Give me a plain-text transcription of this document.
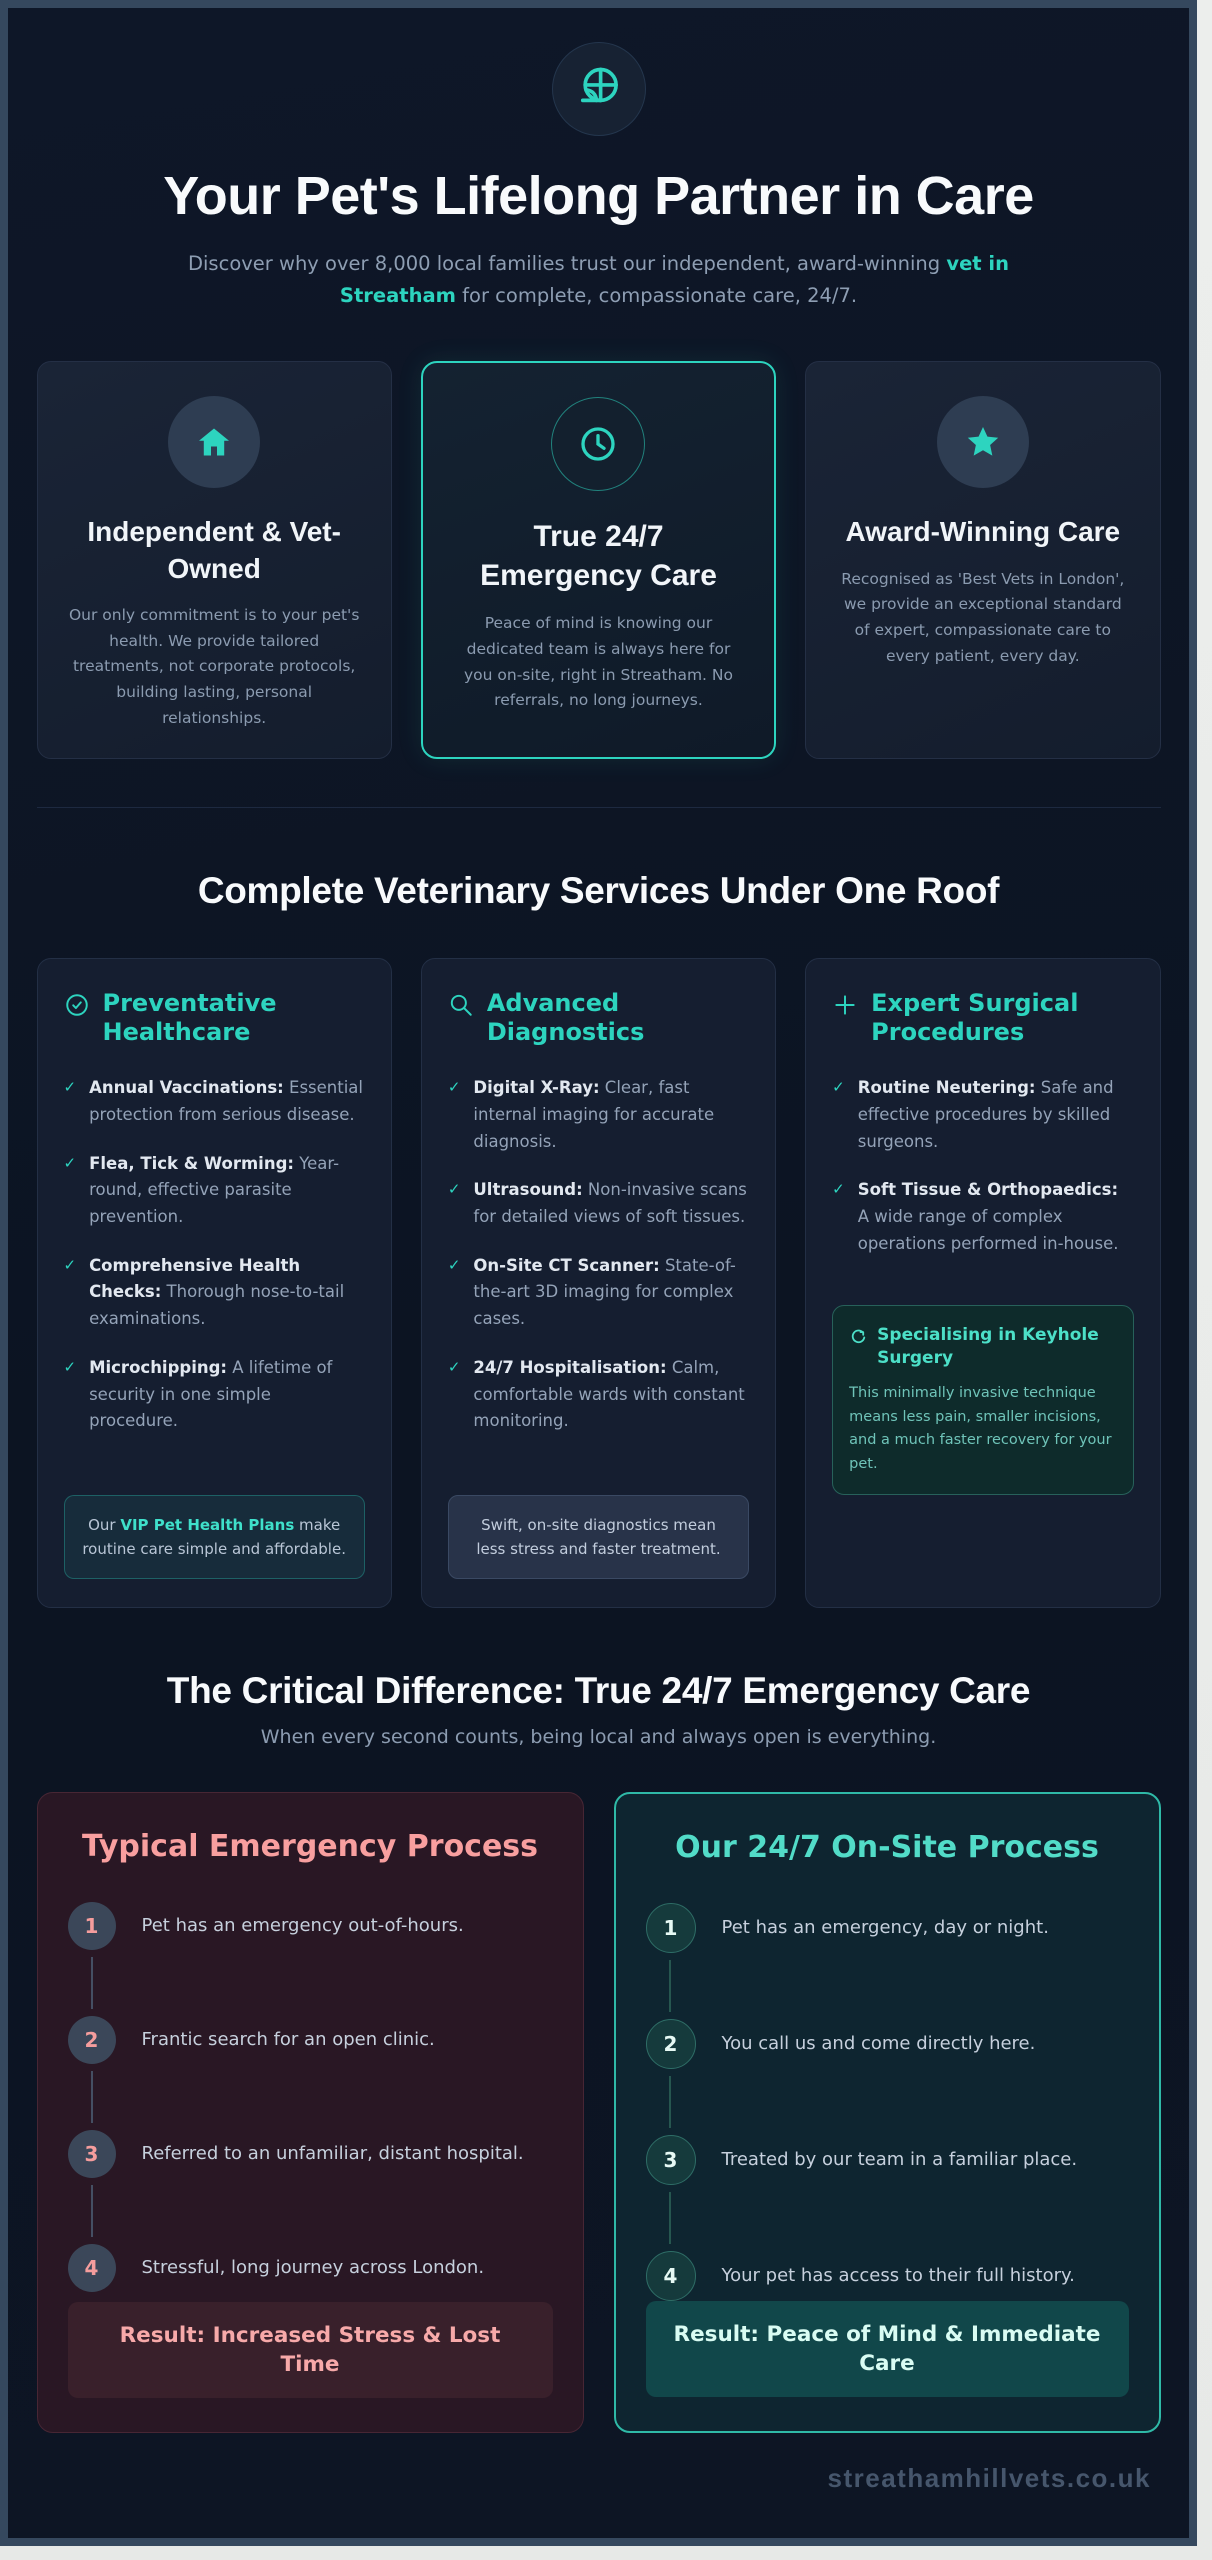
Your Pet's Lifelong Partner in Care

Discover why over 8,000 local families trust our independent, award-winning vet in Streatham for complete, compassionate care, 24/7.

Independent & Vet-Owned

Our only commitment is to your pet's health. We provide tailored treatments, not corporate protocols, building lasting, personal relationships.

True 24/7 Emergency Care

Peace of mind is knowing our dedicated team is always here for you on-site, right in Streatham. No referrals, no long journeys.

Award-Winning Care

Recognised as 'Best Vets in London', we provide an exceptional standard of expert, compassionate care to every patient, every day.

Complete Veterinary Services Under One Roof
Preventative Healthcare
✓ Annual Vaccinations: Essential protection from serious disease.

✓ Flea, Tick & Worming: Year-round, effective parasite prevention.

✓ Comprehensive Health Checks: Thorough nose-to-tail examinations.

✓ Microchipping: A lifetime of security in one simple procedure.

Our VIP Pet Health Plans make routine care simple and affordable.
Advanced Diagnostics
✓ Digital X-Ray: Clear, fast internal imaging for accurate diagnosis.

✓ Ultrasound: Non-invasive scans for detailed views of soft tissues.

✓ On-Site CT Scanner: State-of-the-art 3D imaging for complex cases.

✓ 24/7 Hospitalisation: Calm, comfortable wards with constant monitoring.

Swift, on-site diagnostics mean less stress and faster treatment.
Expert Surgical Procedures
✓ Routine Neutering: Safe and effective procedures by skilled surgeons.

✓ Soft Tissue & Orthopaedics: A wide range of complex operations performed in-house.

Specialising in Keyhole Surgery

This minimally invasive technique means less pain, smaller incisions, and a much faster recovery for your pet.

The Critical Difference: True 24/7 Emergency Care

When every second counts, being local and always open is everything.

Typical Emergency Process
1	Pet has an emergency out-of-hours.
2	Frantic search for an open clinic.
3	Referred to an unfamiliar, distant hospital.
4	Stressful, long journey across London.
Result: Increased Stress & Lost Time
Our 24/7 On-Site Process
1	Pet has an emergency, day or night.
2	You call us and come directly here.
3	Treated by our team in a familiar place.
4	Your pet has access to their full history.
Result: Peace of Mind & Immediate Care
streathamhillvets.co.uk
